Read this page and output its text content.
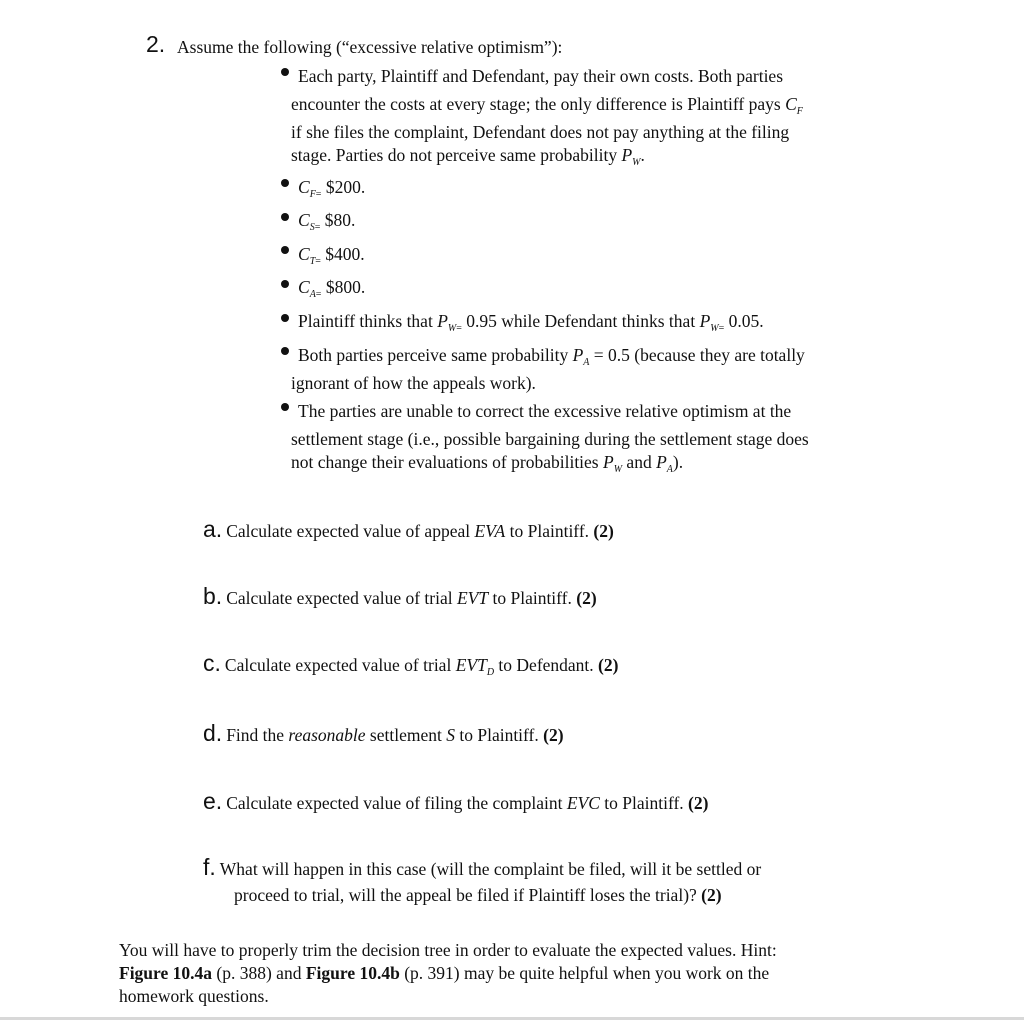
2. Assume the following (“excessive relative optimism”):
Each party, Plaintiff and Defendant, pay their own costs. Both parties
encounter the costs at every stage; the only difference is Plaintiff pays $C_F$
if she files the complaint, Defendant does not pay anything at the filing
stage. Parties do not perceive same probability $P_W$.
$C_{F=}$ $200.
$C_{S=}$ $80.
$C_{T=}$ $400.
$C_{A=}$ $800.
Plaintiff thinks that $P_{W=}$ 0.95 while Defendant thinks that $P_{W=}$ 0.05.
Both parties perceive same probability $P_A = 0.5$ (because they are totally
ignorant of how the appeals work).
The parties are unable to correct the excessive relative optimism at the
settlement stage (i.e., possible bargaining during the settlement stage does
not change their evaluations of probabilities $P_W$ and $P_A$).
a. Calculate expected value of appeal EVA to Plaintiff. (2)
b. Calculate expected value of trial EVT to Plaintiff. (2)
c. Calculate expected value of trial $EVT_D$ to Defendant. (2)
d. Find the reasonable settlement S to Plaintiff. (2)
e. Calculate expected value of filing the complaint EVC to Plaintiff. (2)
f. What will happen in this case (will the complaint be filed, will it be settled or
proceed to trial, will the appeal be filed if Plaintiff loses the trial)? (2)
You will have to properly trim the decision tree in order to evaluate the expected values. Hint:
Figure 10.4a (p. 388) and Figure 10.4b (p. 391) may be quite helpful when you work on the
homework questions.
